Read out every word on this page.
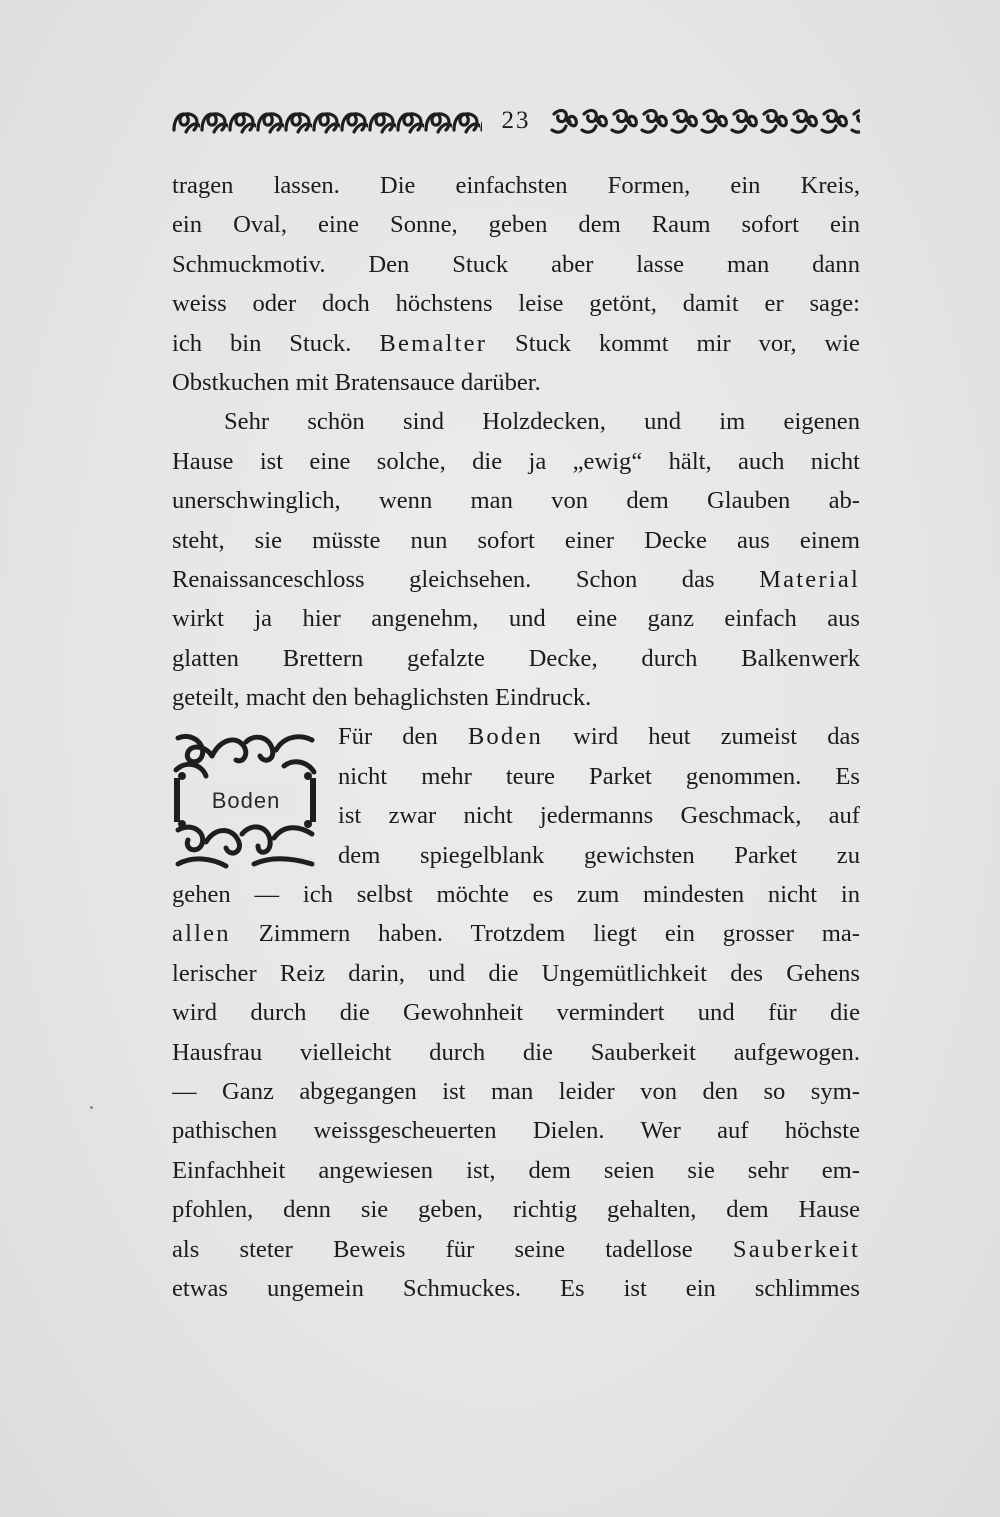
23
tragen lassen. Die einfachsten Formen, ein Kreis,
ein Oval, eine Sonne, geben dem Raum sofort ein
Schmuckmotiv. Den Stuck aber lasse man dann
weiss oder doch höchstens leise getönt, damit er sage:
ich bin Stuck. Bemalter Stuck kommt mir vor, wie
Obstkuchen mit Bratensauce darüber.
Sehr schön sind Holzdecken, und im eigenen
Hause ist eine solche, die ja „ewig“ hält, auch nicht
unerschwinglich, wenn man von dem Glauben ab-
steht, sie müsste nun sofort einer Decke aus einem
Renaissanceschloss gleichsehen. Schon das Material
wirkt ja hier angenehm, und eine ganz einfach aus
glatten Brettern gefalzte Decke, durch Balkenwerk
geteilt, macht den behaglichsten Eindruck.
Für den Boden wird heut zumeist das
nicht mehr teure Parket genommen. Es
ist zwar nicht jedermanns Geschmack, auf
dem spiegelblank gewichsten Parket zu
gehen — ich selbst möchte es zum mindesten nicht in
allen Zimmern haben. Trotzdem liegt ein grosser ma-
lerischer Reiz darin, und die Ungemütlichkeit des Gehens
wird durch die Gewohnheit vermindert und für die
Hausfrau vielleicht durch die Sauberkeit aufgewogen.
— Ganz abgegangen ist man leider von den so sym-
pathischen weissgescheuerten Dielen. Wer auf höchste
Einfachheit angewiesen ist, dem seien sie sehr em-
pfohlen, denn sie geben, richtig gehalten, dem Hause
als steter Beweis für seine tadellose Sauberkeit
etwas ungemein Schmuckes. Es ist ein schlimmes
Boden
